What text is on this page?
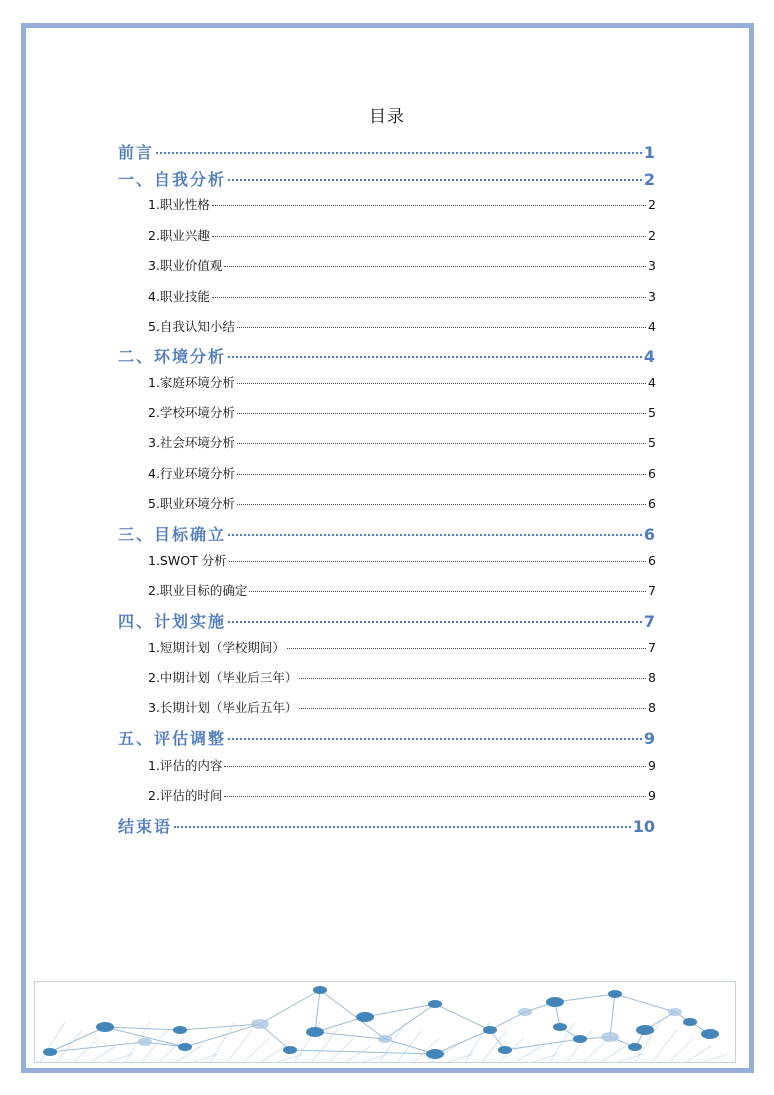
目录
前言	1
一、自我分析	2
1.职业性格	2
2.职业兴趣	2
3.职业价值观	3
4.职业技能	3
5.自我认知小结	4
二、环境分析	4
1.家庭环境分析	4
2.学校环境分析	5
3.社会环境分析	5
4.行业环境分析	6
5.职业环境分析	6
三、目标确立	6
1.SWOT 分析	6
2.职业目标的确定	7
四、计划实施	7
1.短期计划（学校期间）	7
2.中期计划（毕业后三年）	8
3.长期计划（毕业后五年）	8
五、评估调整	9
1.评估的内容	9
2.评估的时间	9
结束语	10
